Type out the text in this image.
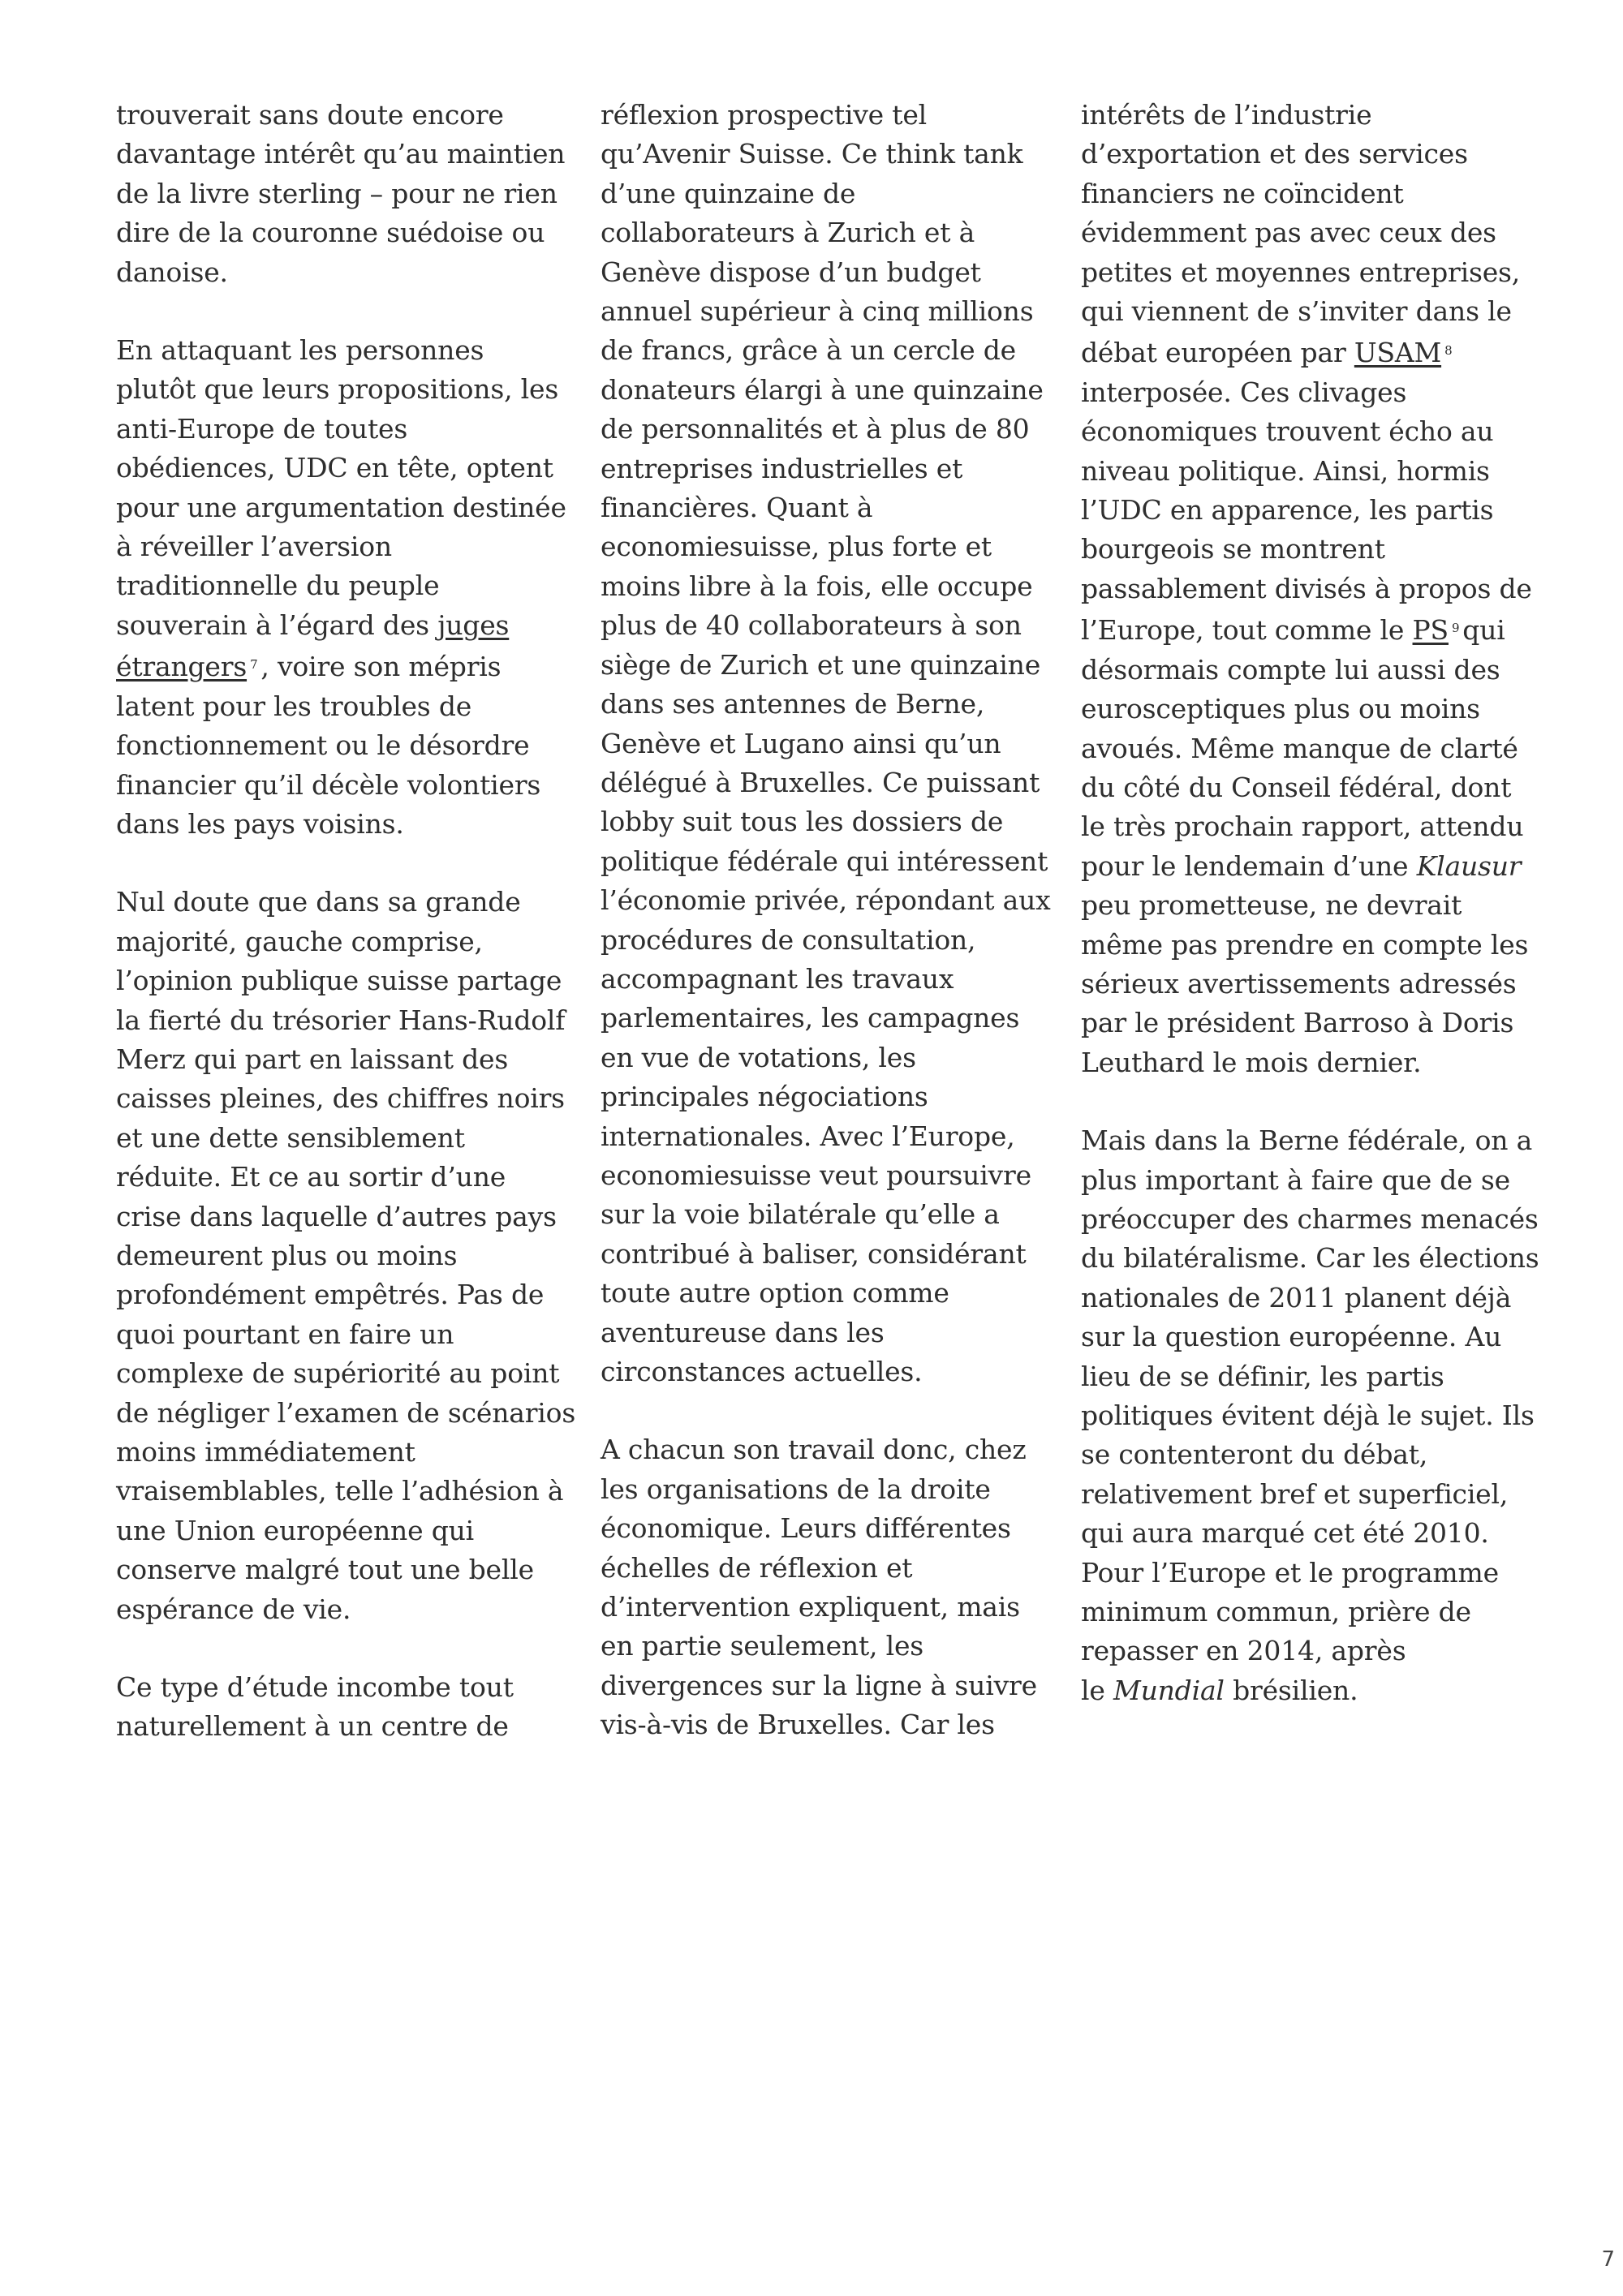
trouverait sans doute encore
davantage intérêt qu’au maintien
de la livre sterling – pour ne rien
dire de la couronne suédoise ou
danoise.
En attaquant les personnes
plutôt que leurs propositions, les
anti-Europe de toutes
obédiences, UDC en tête, optent
pour une argumentation destinée
à réveiller l’aversion
traditionnelle du peuple
souverain à l’égard des juges
étrangers $^7$ , voire son mépris
latent pour les troubles de
fonctionnement ou le désordre
financier qu’il décèle volontiers
dans les pays voisins.
Nul doute que dans sa grande
majorité, gauche comprise,
l’opinion publique suisse partage
la fierté du trésorier Hans-Rudolf
Merz qui part en laissant des
caisses pleines, des chiffres noirs
et une dette sensiblement
réduite. Et ce au sortir d’une
crise dans laquelle d’autres pays
demeurent plus ou moins
profondément empêtrés. Pas de
quoi pourtant en faire un
complexe de supériorité au point
de négliger l’examen de scénarios
moins immédiatement
vraisemblables, telle l’adhésion à
une Union européenne qui
conserve malgré tout une belle
espérance de vie.
Ce type d’étude incombe tout
naturellement à un centre de
réflexion prospective tel
qu’Avenir Suisse. Ce think tank
d’une quinzaine de
collaborateurs à Zurich et à
Genève dispose d’un budget
annuel supérieur à cinq millions
de francs, grâce à un cercle de
donateurs élargi à une quinzaine
de personnalités et à plus de 80
entreprises industrielles et
financières. Quant à
economiesuisse, plus forte et
moins libre à la fois, elle occupe
plus de 40 collaborateurs à son
siège de Zurich et une quinzaine
dans ses antennes de Berne,
Genève et Lugano ainsi qu’un
délégué à Bruxelles. Ce puissant
lobby suit tous les dossiers de
politique fédérale qui intéressent
l’économie privée, répondant aux
procédures de consultation,
accompagnant les travaux
parlementaires, les campagnes
en vue de votations, les
principales négociations
internationales. Avec l’Europe,
economiesuisse veut poursuivre
sur la voie bilatérale qu’elle a
contribué à baliser, considérant
toute autre option comme
aventureuse dans les
circonstances actuelles.
A chacun son travail donc, chez
les organisations de la droite
économique. Leurs différentes
échelles de réflexion et
d’intervention expliquent, mais
en partie seulement, les
divergences sur la ligne à suivre
vis-à-vis de Bruxelles. Car les
intérêts de l’industrie
d’exportation et des services
financiers ne coïncident
évidemment pas avec ceux des
petites et moyennes entreprises,
qui viennent de s’inviter dans le
débat européen par USAM $^8$
interposée. Ces clivages
économiques trouvent écho au
niveau politique. Ainsi, hormis
l’UDC en apparence, les partis
bourgeois se montrent
passablement divisés à propos de
l’Europe, tout comme le PS $^9$ qui
désormais compte lui aussi des
eurosceptiques plus ou moins
avoués. Même manque de clarté
du côté du Conseil fédéral, dont
le très prochain rapport, attendu
pour le lendemain d’une Klausur
peu prometteuse, ne devrait
même pas prendre en compte les
sérieux avertissements adressés
par le président Barroso à Doris
Leuthard le mois dernier.
Mais dans la Berne fédérale, on a
plus important à faire que de se
préoccuper des charmes menacés
du bilatéralisme. Car les élections
nationales de 2011 planent déjà
sur la question européenne. Au
lieu de se définir, les partis
politiques évitent déjà le sujet. Ils
se contenteront du débat,
relativement bref et superficiel,
qui aura marqué cet été 2010.
Pour l’Europe et le programme
minimum commun, prière de
repasser en 2014, après
le Mundial brésilien.
7
